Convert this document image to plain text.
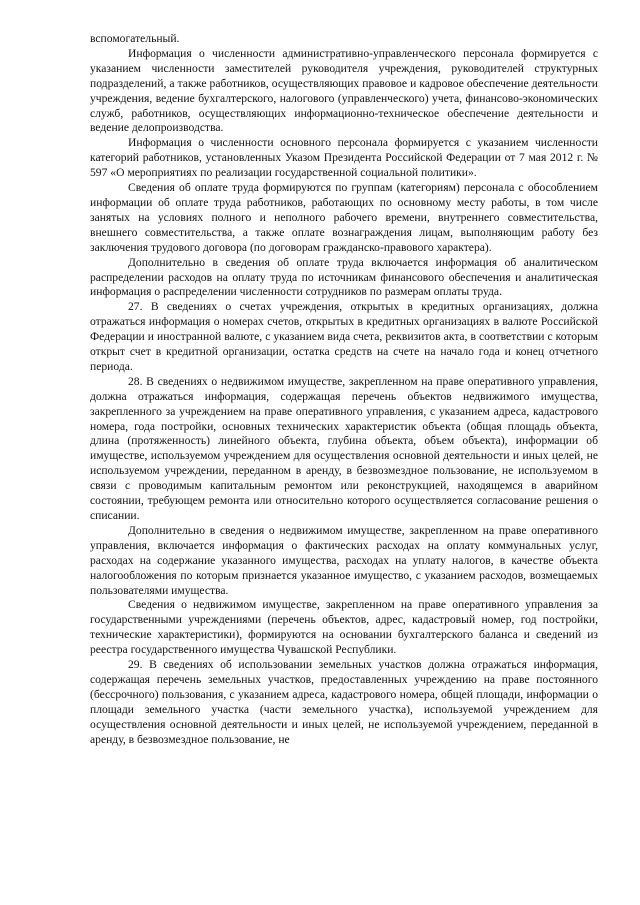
вспомогательный.

Информация о численности административно-управленческого персонала формируется с указанием численности заместителей руководителя учреждения, руководителей структурных подразделений, а также работников, осуществляющих правовое и кадровое обеспечение деятельности учреждения, ведение бухгалтерского, налогового (управленческого) учета, финансово-экономических служб, работников, осуществляющих информационно-техническое обеспечение деятельности и ведение делопроизводства.

Информация о численности основного персонала формируется с указанием численности категорий работников, установленных Указом Президента Российской Федерации от 7 мая 2012 г. № 597 «О мероприятиях по реализации государственной социальной политики».

Сведения об оплате труда формируются по группам (категориям) персонала с обособлением информации об оплате труда работников, работающих по основному месту работы, в том числе занятых на условиях полного и неполного рабочего времени, внутреннего совместительства, внешнего совместительства, а также оплате вознаграждения лицам, выполняющим работу без заключения трудового договора (по договорам гражданско-правового характера).

Дополнительно в сведения об оплате труда включается информация об аналитическом распределении расходов на оплату труда по источникам финансового обеспечения и аналитическая информация о распределении численности сотрудников по размерам оплаты труда.

27. В сведениях о счетах учреждения, открытых в кредитных организациях, должна отражаться информация о номерах счетов, открытых в кредитных организациях в валюте Российской Федерации и иностранной валюте, с указанием вида счета, реквизитов акта, в соответствии с которым открыт счет в кредитной организации, остатка средств на счете на начало года и конец отчетного периода.

28. В сведениях о недвижимом имуществе, закрепленном на праве оперативного управления, должна отражаться информация, содержащая перечень объектов недвижимого имущества, закрепленного за учреждением на праве оперативного управления, с указанием адреса, кадастрового номера, года постройки, основных технических характеристик объекта (общая площадь объекта, длина (протяженность) линейного объекта, глубина объекта, объем объекта), информации об имуществе, используемом учреждением для осуществления основной деятельности и иных целей, не используемом учреждении, переданном в аренду, в безвозмездное пользование, не используемом в связи с проводимым капитальным ремонтом или реконструкцией, находящемся в аварийном состоянии, требующем ремонта или относительно которого осуществляется согласование решения о списании.

Дополнительно в сведения о недвижимом имуществе, закрепленном на праве оперативного управления, включается информация о фактических расходах на оплату коммунальных услуг, расходах на содержание указанного имущества, расходах на уплату налогов, в качестве объекта налогообложения по которым признается указанное имущество, с указанием расходов, возмещаемых пользователями имущества.

Сведения о недвижимом имуществе, закрепленном на праве оперативного управления за государственными учреждениями (перечень объектов, адрес, кадастровый номер, год постройки, технические характеристики), формируются на основании бухгалтерского баланса и сведений из реестра государственного имущества Чувашской Республики.

29. В сведениях об использовании земельных участков должна отражаться информация, содержащая перечень земельных участков, предоставленных учреждению на праве постоянного (бессрочного) пользования, с указанием адреса, кадастрового номера, общей площади, информации о площади земельного участка (части земельного участка), используемой учреждением для осуществления основной деятельности и иных целей, не используемой учреждением, переданной в аренду, в безвозмездное пользование, не
